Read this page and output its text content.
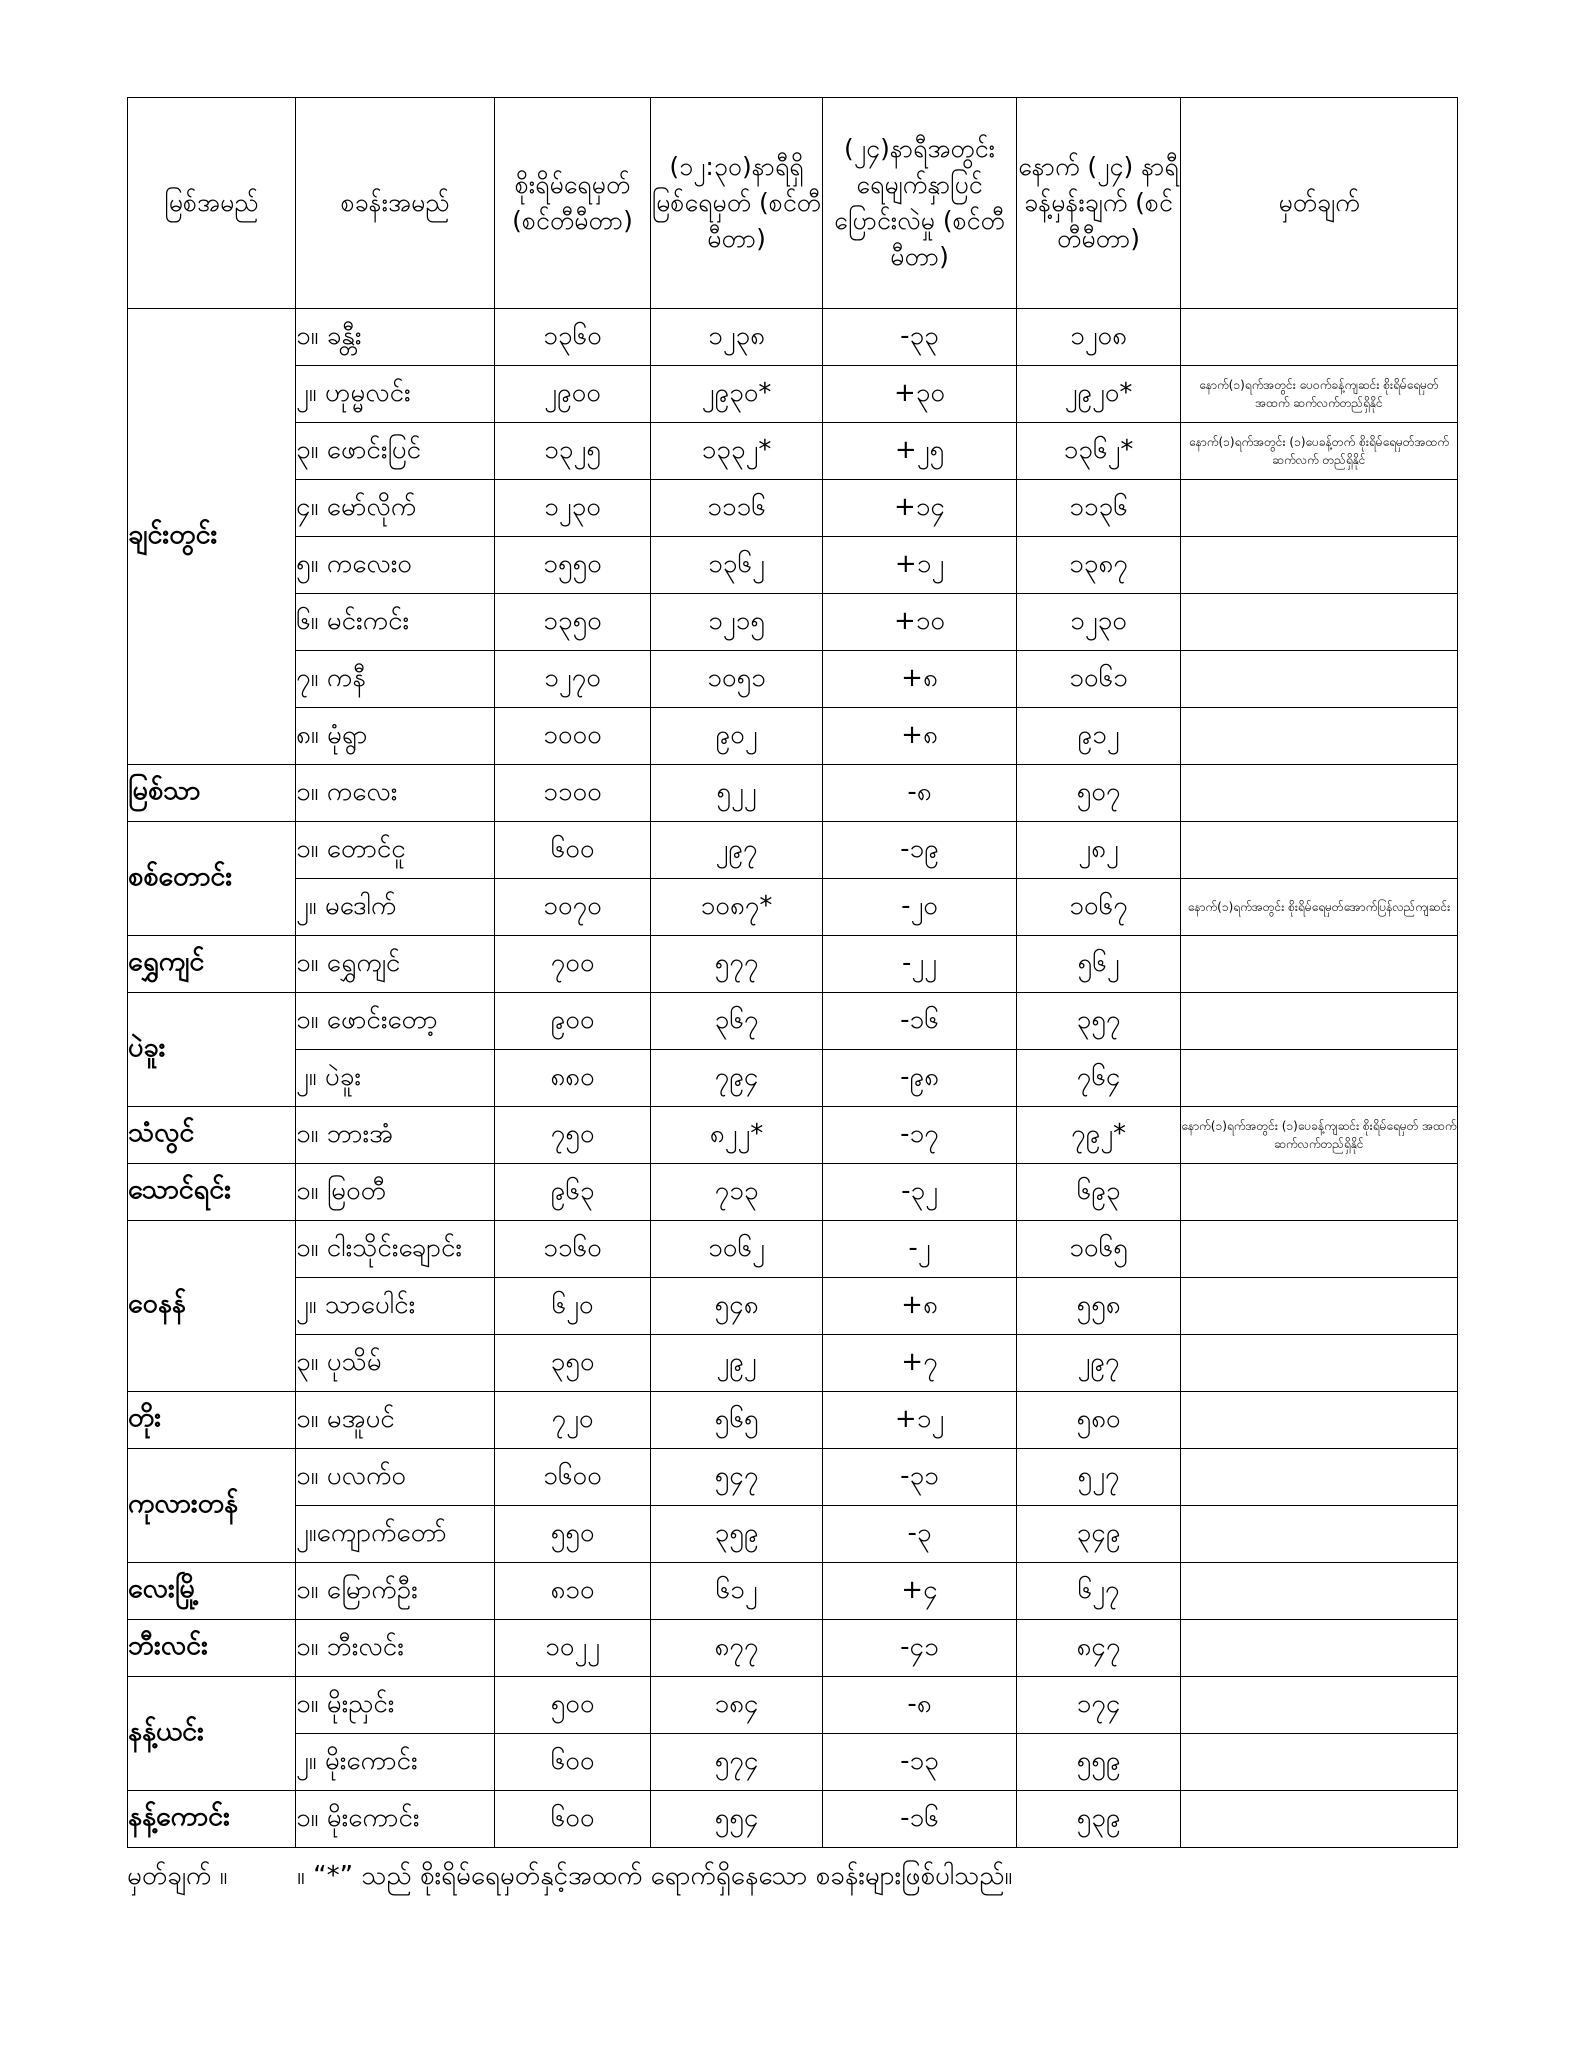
မြစ်အမည်	စခန်းအမည်	စိုးရိမ်ရေမှတ် (စင်တီမီတာ)	(၁၂:၃၀)နာရီရှိ မြစ်ရေမှတ် (စင်တီမီတာ)	(၂၄)နာရီအတွင်း ရေမျက်နှာပြင် ပြောင်းလဲမှု (စင်တီမီတာ)	နောက် (၂၄) နာရီ ခန့်မှန်းချက် (စင်တီမီတာ)	မှတ်ချက်
ချင်းတွင်း	၁။ ခန္တီး	၁၃၆၀	၁၂၃၈	-၃၃	၁၂၀၈	
	၂။ ဟုမ္မလင်း	၂၉၀၀	၂၉၃၀*	+၃၀	၂၉၂၀*	နောက်(၁)ရက်အတွင်း ပေ၀က်ခန့်ကျဆင်း စိုးရိမ်ရေမှတ် အထက် ဆက်လက်တည်ရှိနိုင်
	၃။ ဖောင်းပြင်	၁၃၂၅	၁၃၃၂*	+၂၅	၁၃၆၂*	နောက်(၁)ရက်အတွင်း (၁)ပေခန့်တက် စိုးရိမ်ရေမှတ်အထက်ဆက်လက် တည်ရှိနိုင်
	၄။ မော်လိုက်	၁၂၃၀	၁၁၁၆	+၁၄	၁၁၃၆	
	၅။ ကလေးဝ	၁၅၅၀	၁၃၆၂	+၁၂	၁၃၈၇	
	၆။ မင်းကင်း	၁၃၅၀	၁၂၁၅	+၁၀	၁၂၃၀	
	၇။ ကနီ	၁၂၇၀	၁၀၅၁	+၈	၁၀၆၁	
	၈။ မုံရွာ	၁၀၀၀	၉၀၂	+၈	၉၁၂	
မြစ်သာ	၁။ ကလေး	၁၁၀၀	၅၂၂	-၈	၅၀၇	
စစ်တောင်း	၁။ တောင်ငူ	၆၀၀	၂၉၇	-၁၉	၂၈၂	
	၂။ မဒေါက်	၁၀၇၀	၁၀၈၇*	-၂၀	၁၀၆၇	နောက်(၁)ရက်အတွင်း စိုးရိမ်ရေမှတ်အောက်ပြန်လည်ကျဆင်း
ရွှေကျင်	၁။ ရွှေကျင်	၇၀၀	၅၇၇	-၂၂	၅၆၂	
ပဲခူး	၁။ ဖောင်းတော့	၉၀၀	၃၆၇	-၁၆	၃၅၇	
	၂။ ပဲခူး	၈၈၀	၇၉၄	-၉၈	၇၆၄	
သံလွင်	၁။ ဘားအံ	၇၅၀	၈၂၂*	-၁၇	၇၉၂*	နောက်(၁)ရက်အတွင်း (၁)ပေခန့်ကျဆင်း စိုးရိမ်ရေမှတ် အထက်ဆက်လက်တည်ရှိနိုင်
သောင်ရင်း	၁။ မြဝတီ	၉၆၃	၇၁၃	-၃၂	၆၉၃	
ဝေနန်	၁။ ငါးသိုင်းချောင်း	၁၁၆၀	၁၀၆၂	-၂	၁၀၆၅	
	၂။ သာပေါင်း	၆၂၀	၅၄၈	+၈	၅၅၈	
	၃။ ပုသိမ်	၃၅၀	၂၉၂	+၇	၂၉၇	
တိုး	၁။ မအူပင်	၇၂၀	၅၆၅	+၁၂	၅၈၀	
ကုလားတန်	၁။ ပလက်ဝ	၁၆၀၀	၅၄၇	-၃၁	၅၂၇	
	၂။ကျောက်တော်	၅၅၀	၃၅၉	-၃	၃၄၉	
လေးမြို့	၁။ မြောက်ဦး	၈၁၀	၆၁၂	+၄	၆၂၇	
ဘီးလင်း	၁။ ဘီးလင်း	၁၀၂၂	၈၇၇	-၄၁	၈၄၇	
နန့်ယင်း	၁။ မိုးညှင်း	၅၀၀	၁၈၄	-၈	၁၇၄	
	၂။ မိုးကောင်း	၆၀၀	၅၇၄	-၁၃	၅၅၉	
နန့်ကောင်း	၁။ မိုးကောင်း	၆၀၀	၅၅၄	-၁၆	၅၃၉	
မှတ်ချက် ။	။ “*” သည် စိုးရိမ်ရေမှတ်နှင့်အထက် ရောက်ရှိနေသော စခန်းများဖြစ်ပါသည်။
